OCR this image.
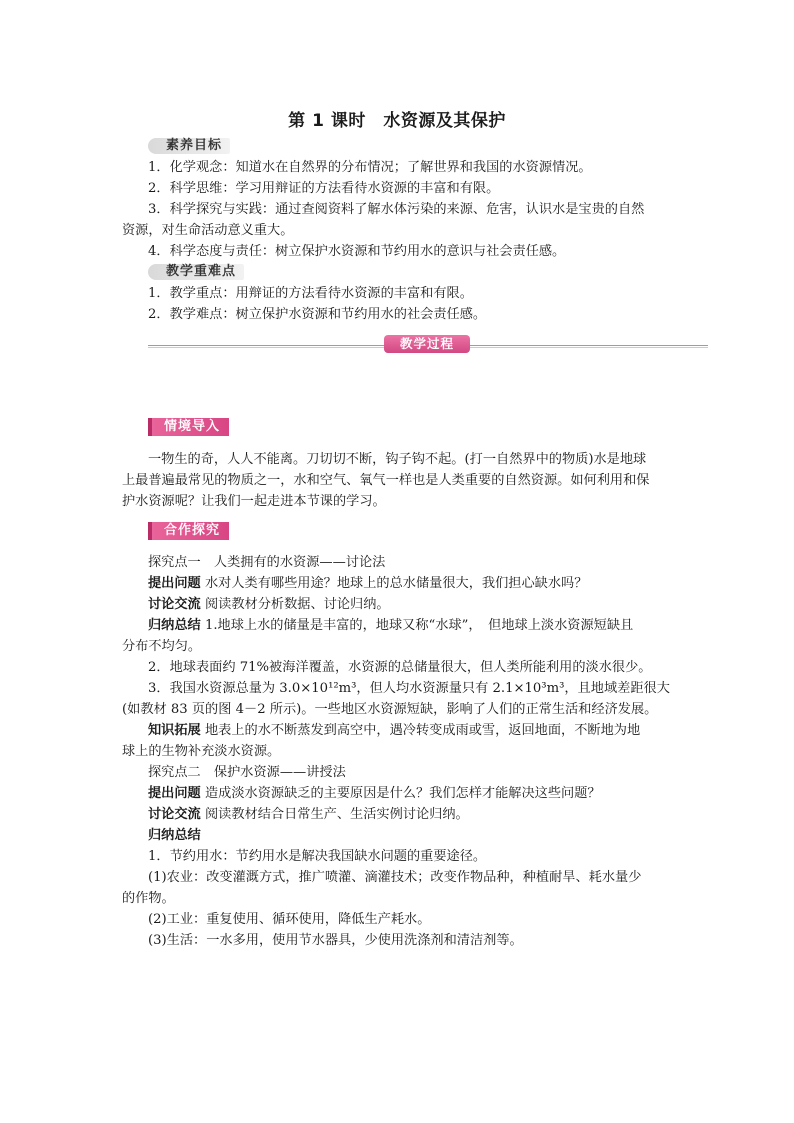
第 1 课时　水资源及其保护
素养目标
1．化学观念：知道水在自然界的分布情况；了解世界和我国的水资源情况。
2．科学思维：学习用辩证的方法看待水资源的丰富和有限。
3．科学探究与实践：通过查阅资料了解水体污染的来源、危害，认识水是宝贵的自然
资源，对生命活动意义重大。
4．科学态度与责任：树立保护水资源和节约用水的意识与社会责任感。
教学重难点
1．教学重点：用辩证的方法看待水资源的丰富和有限。
2．教学难点：树立保护水资源和节约用水的社会责任感。
教学过程
情境导入
一物生的奇，人人不能离。刀切切不断，钩子钩不起。(打一自然界中的物质)水是地球
上最普遍最常见的物质之一，水和空气、氧气一样也是人类重要的自然资源。如何利用和保
护水资源呢？让我们一起走进本节课的学习。
合作探究
探究点一　人类拥有的水资源——讨论法
提出问题 水对人类有哪些用途？地球上的总水储量很大，我们担心缺水吗？
讨论交流 阅读教材分析数据、讨论归纳。
归纳总结 1.地球上水的储量是丰富的，地球又称“水球”，　但地球上淡水资源短缺且
分布不均匀。
2．地球表面约 71%被海洋覆盖，水资源的总储量很大，但人类所能利用的淡水很少。
3．我国水资源总量为 3.0×10¹²m³，但人均水资源量只有 2.1×10³m³，且地域差距很大
(如教材 83 页的图 4－2 所示)。一些地区水资源短缺，影响了人们的正常生活和经济发展。
知识拓展 地表上的水不断蒸发到高空中，遇冷转变成雨或雪，返回地面，不断地为地
球上的生物补充淡水资源。
探究点二　保护水资源——讲授法
提出问题 造成淡水资源缺乏的主要原因是什么？我们怎样才能解决这些问题？
讨论交流 阅读教材结合日常生产、生活实例讨论归纳。
归纳总结
1．节约用水：节约用水是解决我国缺水问题的重要途径。
(1)农业：改变灌溉方式，推广喷灌、滴灌技术；改变作物品种，种植耐旱、耗水量少
的作物。
(2)工业：重复使用、循环使用，降低生产耗水。
(3)生活：一水多用，使用节水器具，少使用洗涤剂和清洁剂等。
